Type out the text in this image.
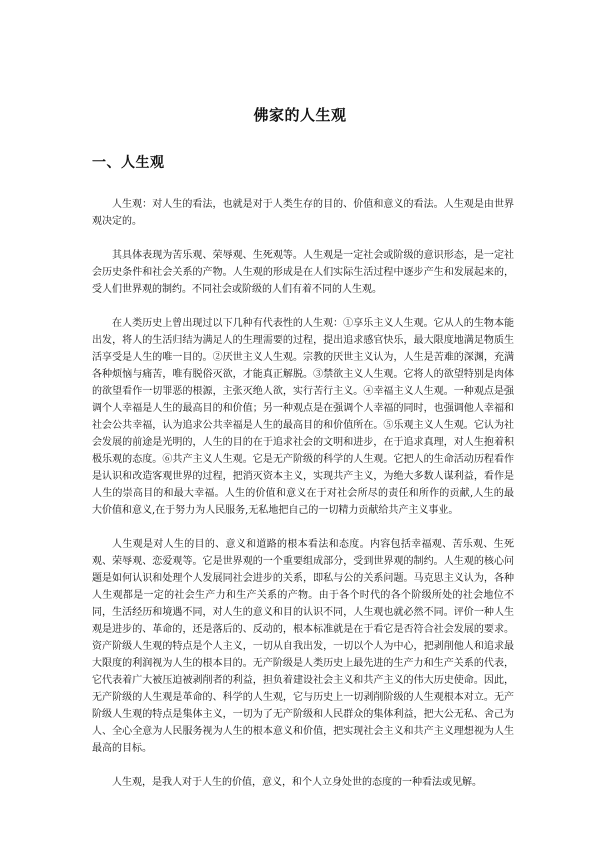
佛家的人生观
一、人生观

人生观：对人生的看法，也就是对于人类生存的目的、价值和意义的看法。人生观是由世界观决定的。

其具体表现为苦乐观、荣辱观、生死观等。人生观是一定社会或阶级的意识形态，是一定社会历史条件和社会关系的产物。人生观的形成是在人们实际生活过程中逐步产生和发展起来的，受人们世界观的制约。不同社会或阶级的人们有着不同的人生观。

在人类历史上曾出现过以下几种有代表性的人生观：①享乐主义人生观。它从人的生物本能出发，将人的生活归结为满足人的生理需要的过程，提出追求感官快乐，最大限度地满足物质生活享受是人生的唯一目的。②厌世主义人生观。宗教的厌世主义认为，人生是苦难的深渊，充满各种烦恼与痛苦，唯有脱俗灭欲，才能真正解脱。③禁欲主义人生观。它将人的欲望特别是肉体的欲望看作一切罪恶的根源，主张灭绝人欲，实行苦行主义。④幸福主义人生观。一种观点是强调个人幸福是人生的最高目的和价值；另一种观点是在强调个人幸福的同时，也强调他人幸福和社会公共幸福，认为追求公共幸福是人生的最高目的和价值所在。⑤乐观主义人生观。它认为社会发展的前途是光明的，人生的目的在于追求社会的文明和进步，在于追求真理，对人生抱着积极乐观的态度。⑥共产主义人生观。它是无产阶级的科学的人生观。它把人的生命活动历程看作是认识和改造客观世界的过程，把消灭资本主义，实现共产主义，为绝大多数人谋利益，看作是人生的崇高目的和最大幸福。人生的价值和意义在于对社会所尽的责任和所作的贡献,人生的最大价值和意义,在于努力为人民服务,无私地把自己的一切精力贡献给共产主义事业。

人生观是对人生的目的、意义和道路的根本看法和态度。内容包括幸福观、苦乐观、生死观、荣辱观、恋爱观等。它是世界观的一个重要组成部分，受到世界观的制约。人生观的核心问题是如何认识和处理个人发展同社会进步的关系，即私与公的关系问题。马克思主义认为，各种人生观都是一定的社会生产力和生产关系的产物。由于各个时代的各个阶级所处的社会地位不同，生活经历和境遇不同，对人生的意义和目的认识不同，人生观也就必然不同。评价一种人生观是进步的、革命的，还是落后的、反动的，根本标准就是在于看它是否符合社会发展的要求。资产阶级人生观的特点是个人主义，一切从自我出发，一切以个人为中心，把剥削他人和追求最大限度的利润视为人生的根本目的。无产阶级是人类历史上最先进的生产力和生产关系的代表，它代表着广大被压迫被剥削者的利益，担负着建设社会主义和共产主义的伟大历史使命。因此，无产阶级的人生观是革命的、科学的人生观，它与历史上一切剥削阶级的人生观根本对立。无产阶级人生观的特点是集体主义，一切为了无产阶级和人民群众的集体利益，把大公无私、舍己为人、全心全意为人民服务视为人生的根本意义和价值，把实现社会主义和共产主义理想视为人生最高的目标。

人生观，是我人对于人生的价值，意义，和个人立身处世的态度的一种看法或见解。
